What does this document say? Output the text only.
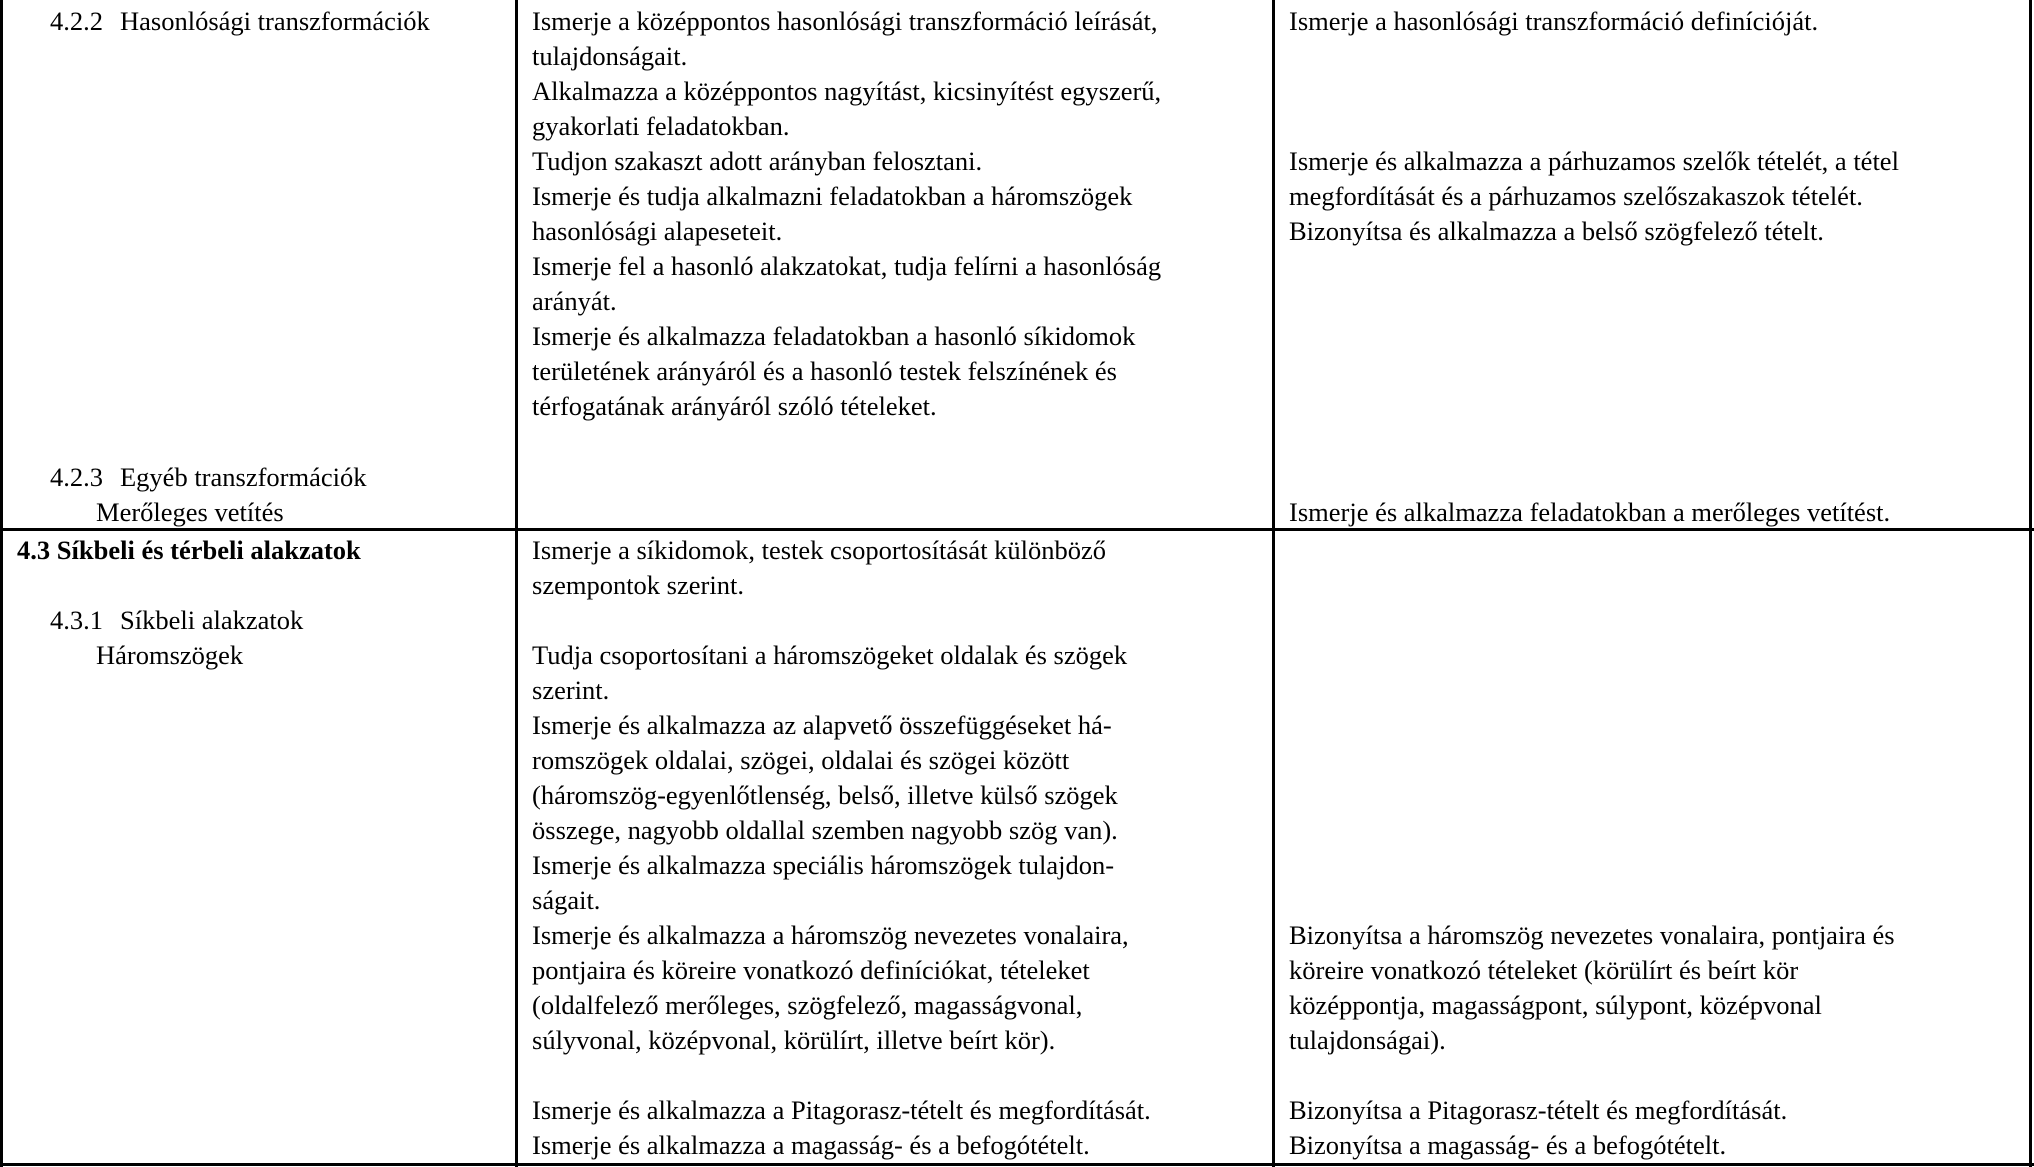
4.2.2 Hasonlósági transzformációk
4.2.3 Egyéb transzformációk
Merőleges vetítés
Ismerje a középpontos hasonlósági transzformáció leírását,
tulajdonságait.
Alkalmazza a középpontos nagyítást, kicsinyítést egyszerű,
gyakorlati feladatokban.
Tudjon szakaszt adott arányban felosztani.
Ismerje és tudja alkalmazni feladatokban a háromszögek
hasonlósági alapeseteit.
Ismerje fel a hasonló alakzatokat, tudja felírni a hasonlóság
arányát.
Ismerje és alkalmazza feladatokban a hasonló síkidomok
területének arányáról és a hasonló testek felszínének és
térfogatának arányáról szóló tételeket.
Ismerje a hasonlósági transzformáció definícióját.
Ismerje és alkalmazza a párhuzamos szelők tételét, a tétel
megfordítását és a párhuzamos szelőszakaszok tételét.
Bizonyítsa és alkalmazza a belső szögfelező tételt.
Ismerje és alkalmazza feladatokban a merőleges vetítést.
4.3 Síkbeli és térbeli alakzatok
4.3.1 Síkbeli alakzatok
Háromszögek
Ismerje a síkidomok, testek csoportosítását különböző
szempontok szerint.
Tudja csoportosítani a háromszögeket oldalak és szögek
szerint.
Ismerje és alkalmazza az alapvető összefüggéseket há-
romszögek oldalai, szögei, oldalai és szögei között
(háromszög-egyenlőtlenség, belső, illetve külső szögek
összege, nagyobb oldallal szemben nagyobb szög van).
Ismerje és alkalmazza speciális háromszögek tulajdon-
ságait.
Ismerje és alkalmazza a háromszög nevezetes vonalaira,
pontjaira és köreire vonatkozó definíciókat, tételeket
(oldalfelező merőleges, szögfelező, magasságvonal,
súlyvonal, középvonal, körülírt, illetve beírt kör).
Ismerje és alkalmazza a Pitagorasz-tételt és megfordítását.
Ismerje és alkalmazza a magasság- és a befogótételt.
Bizonyítsa a háromszög nevezetes vonalaira, pontjaira és
köreire vonatkozó tételeket (körülírt és beírt kör
középpontja, magasságpont, súlypont, középvonal
tulajdonságai).
Bizonyítsa a Pitagorasz-tételt és megfordítását.
Bizonyítsa a magasság- és a befogótételt.
